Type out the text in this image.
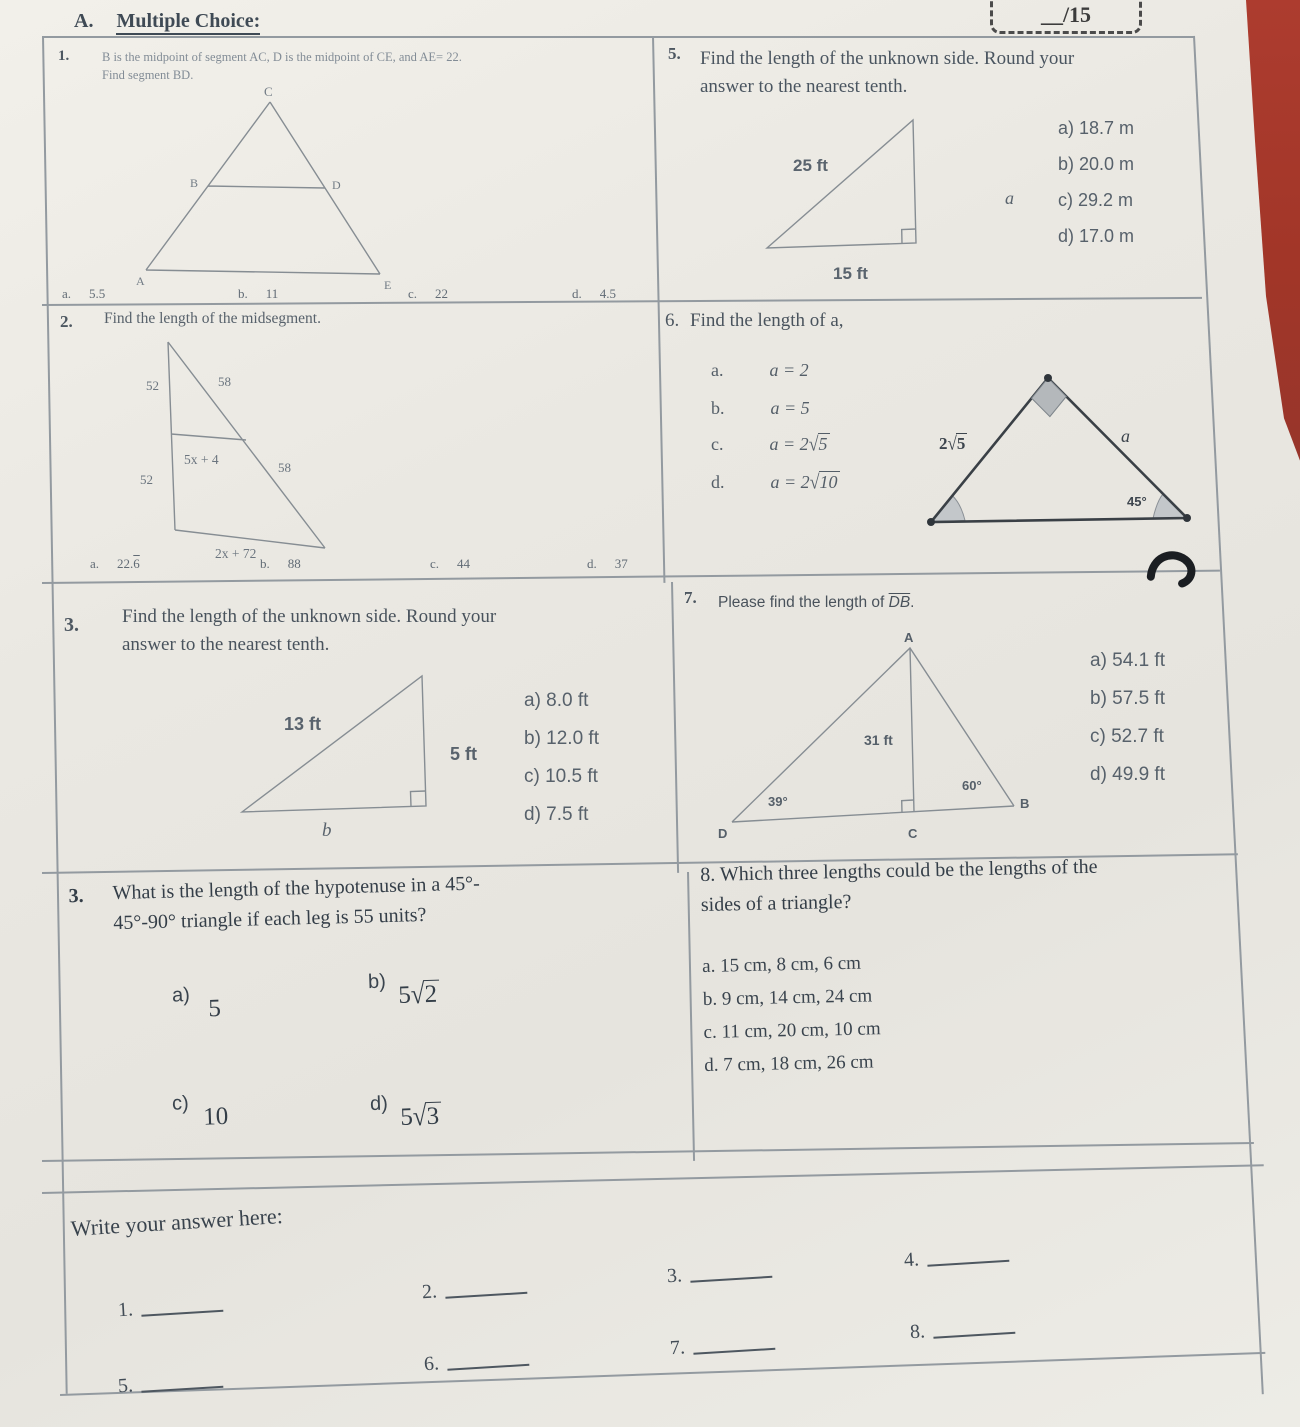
A. Multiple Choice:	__/15
1.	B is the midpoint of segment AC, D is the midpoint of CE, and AE= 22.
Find segment BD.
C
B	D
A	E
a. 5.5	b. 11	c. 22	d. 4.5
5. Find the length of the unknown side. Round your
answer to the nearest tenth.
25 ft
15 ft
a
a) 18.7 m
b) 20.0 m
c) 29.2 m
d) 17.0 m
2. Find the length of the midsegment.
52	58
5x + 4
58
52
2x + 72
a. 22.6	b. 88	c. 44	d. 37
6. Find the length of a,
a.	a = 2
b.	a = 5
c.	a = 2√5
d.	a = 2√10
2√5	a
45°
3. Find the length of the unknown side. Round your
answer to the nearest tenth.
13 ft
5 ft
b
a) 8.0 ft
b) 12.0 ft
c) 10.5 ft
d) 7.5 ft
7. Please find the length of $\overline{DB}$.
A
D	C
B
31 ft
39°
60°
a) 54.1 ft
b) 57.5 ft
c) 52.7 ft
d) 49.9 ft
3. What is the length of the hypotenuse in a 45°-
45°-90° triangle if each leg is 55 units?
a) 5
b) 5√2
c) 10	d) 5√3
8. Which three lengths could be the lengths of the
sides of a triangle?
a. 15 cm, 8 cm, 6 cm
b. 9 cm, 14 cm, 24 cm
c. 11 cm, 20 cm, 10 cm
d. 7 cm, 18 cm, 26 cm
Write your answer here:
1.
2.
3.
4.
5.
6.
7.
8.
